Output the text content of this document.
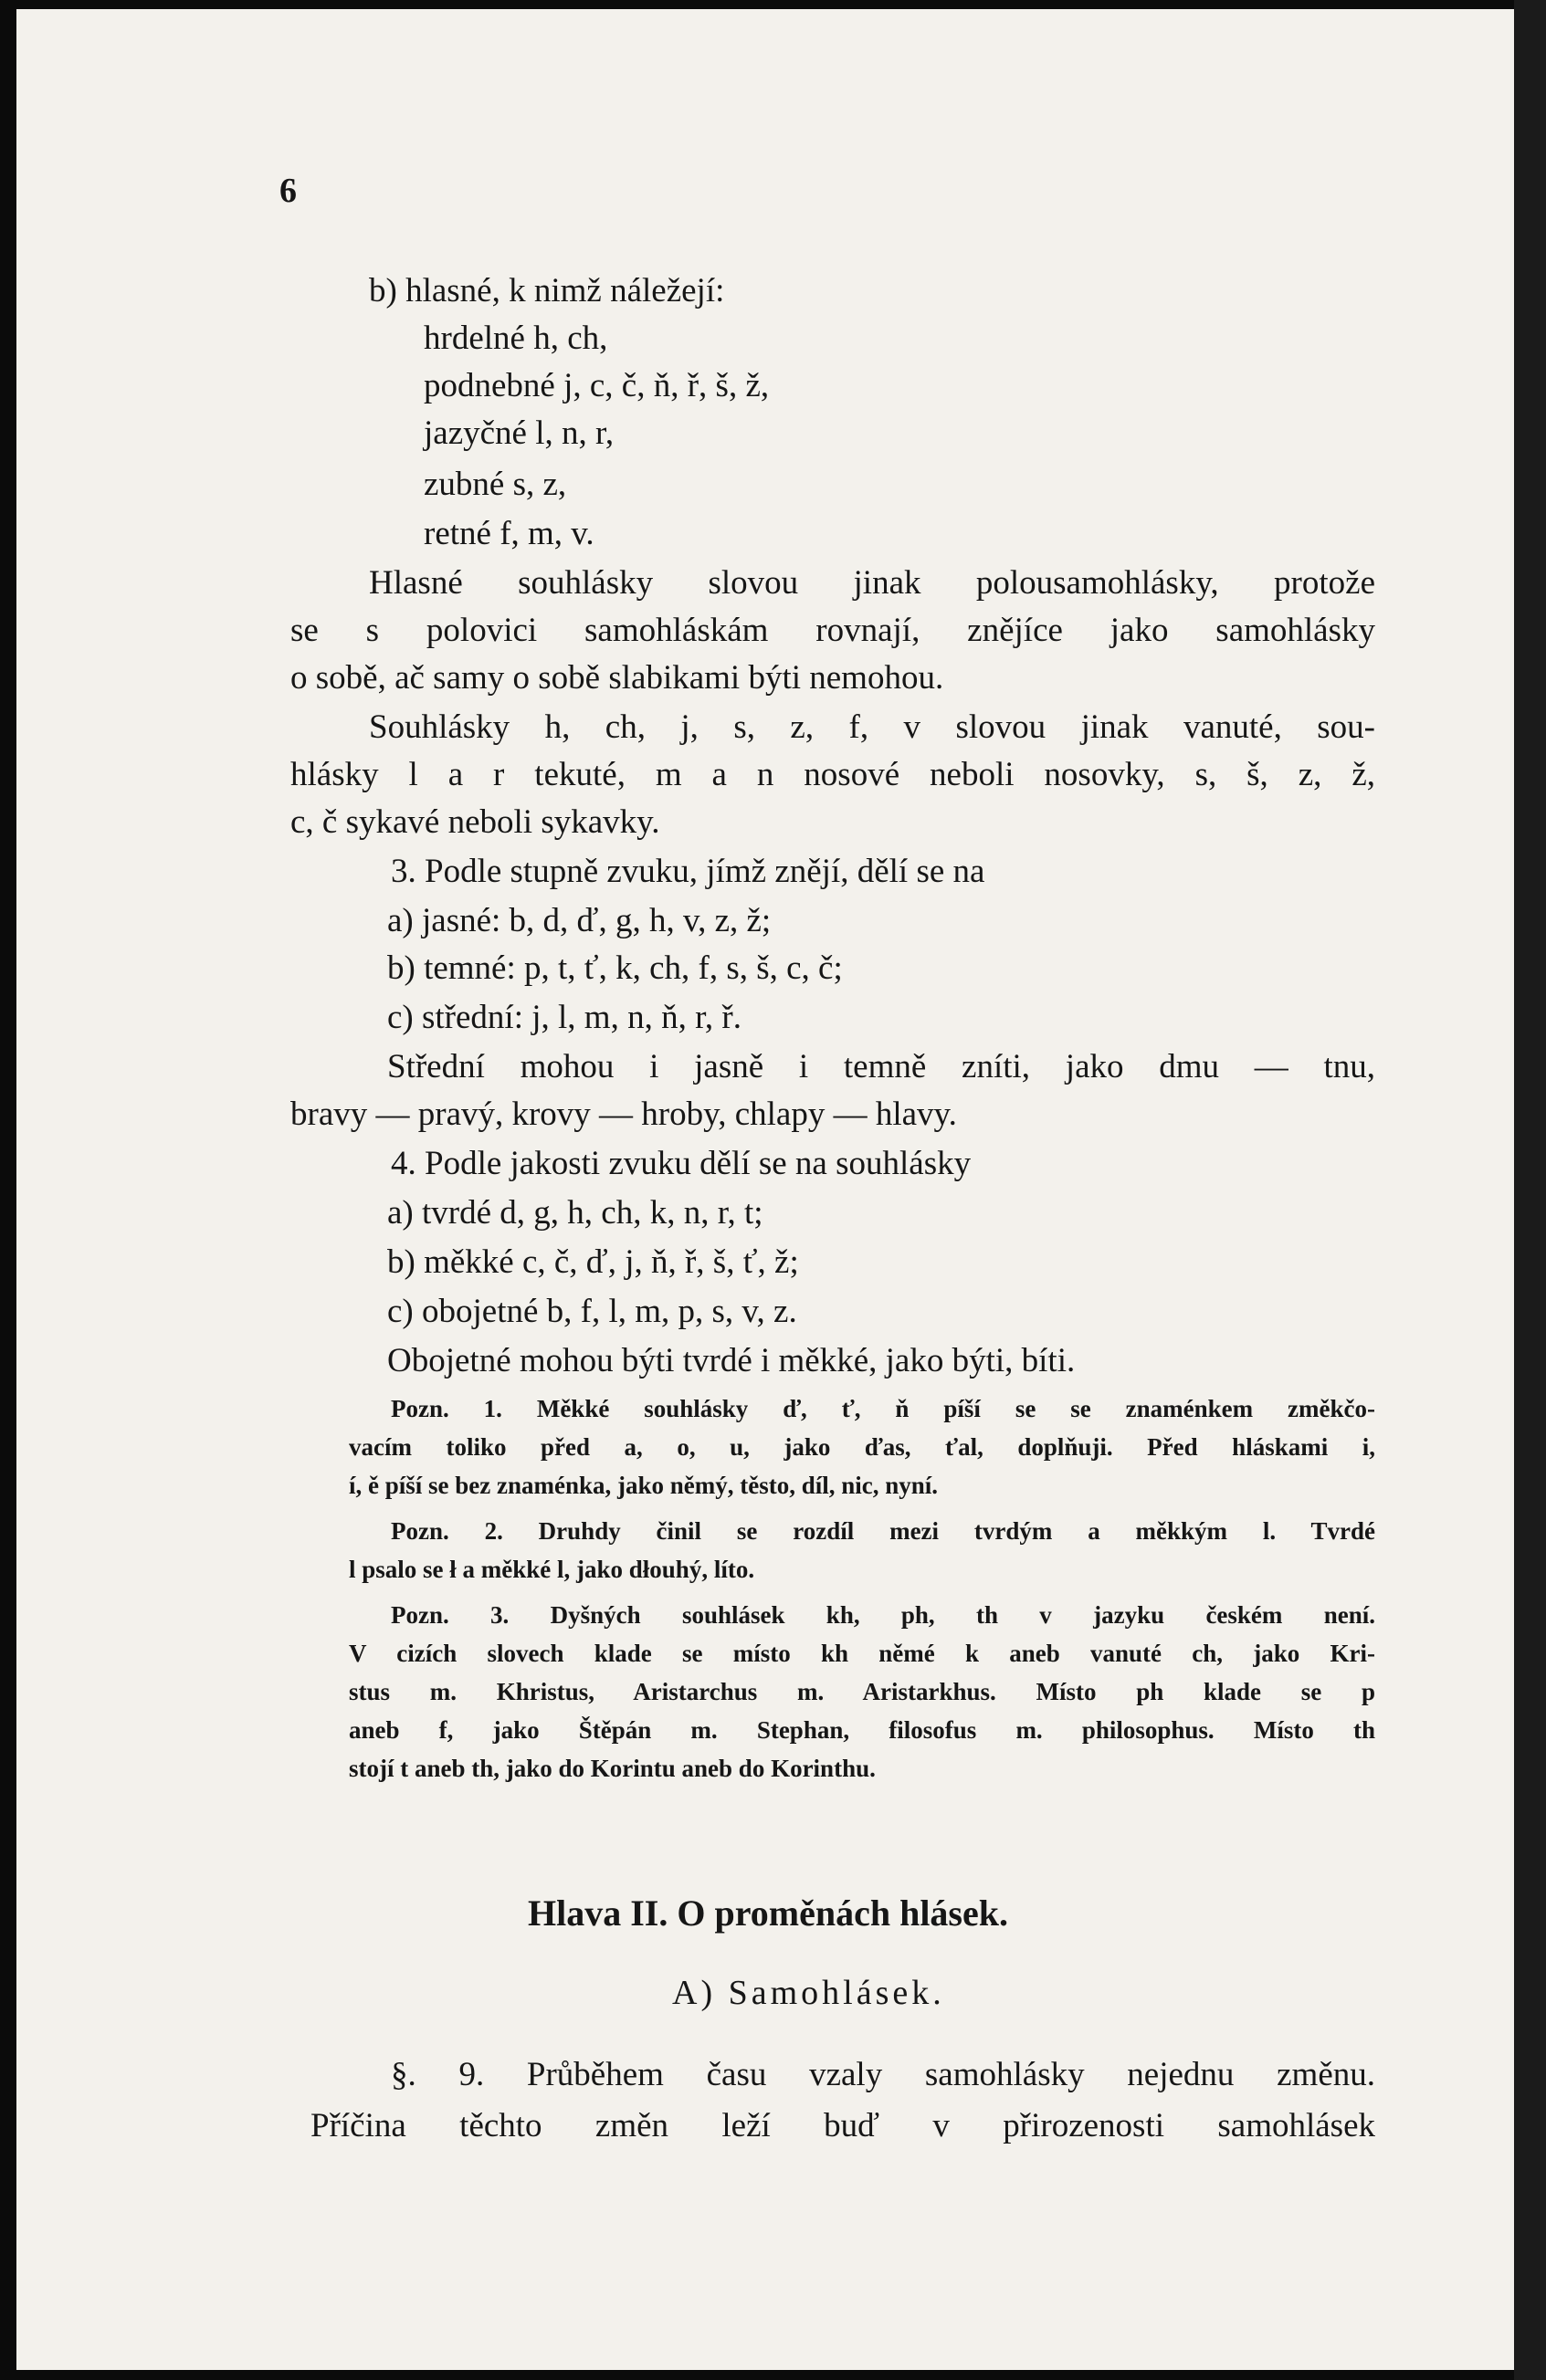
6
b) hlasné, k nimž náležejí:
hrdelné h, ch,
podnebné j, c, č, ň, ř, š, ž,
jazyčné l, n, r,
zubné s, z,
retné f, m, v.
Hlasné souhlásky slovou jinak polousamohlásky, protože
se s polovici samohláskám rovnají, znějíce jako samohlásky
o sobě, ač samy o sobě slabikami býti nemohou.
Souhlásky h, ch, j, s, z, f, v slovou jinak vanuté, sou-
hlásky l a r tekuté, m a n nosové neboli nosovky, s, š, z, ž,
c, č sykavé neboli sykavky.
3. Podle stupně zvuku, jímž znějí, dělí se na
a) jasné: b, d, ď, g, h, v, z, ž;
b) temné: p, t, ť, k, ch, f, s, š, c, č;
c) střední: j, l, m, n, ň, r, ř.
Střední mohou i jasně i temně zníti, jako dmu — tnu,
bravy — pravý, krovy — hroby, chlapy — hlavy.
4. Podle jakosti zvuku dělí se na souhlásky
a) tvrdé d, g, h, ch, k, n, r, t;
b) měkké c, č, ď, j, ň, ř, š, ť, ž;
c) obojetné b, f, l, m, p, s, v, z.
Obojetné mohou býti tvrdé i měkké, jako býti, bíti.
Pozn. 1. Měkké souhlásky ď, ť, ň píší se se znaménkem změkčo-
vacím toliko před a, o, u, jako ďas, ťal, doplňuji. Před hláskami i,
í, ě píší se bez znaménka, jako němý, těsto, díl, nic, nyní.
Pozn. 2. Druhdy činil se rozdíl mezi tvrdým a měkkým l. Tvrdé
l psalo se ł a měkké l, jako dłouhý, líto.
Pozn. 3. Dyšných souhlásek kh, ph, th v jazyku českém není.
V cizích slovech klade se místo kh němé k aneb vanuté ch, jako Kri-
stus m. Khristus, Aristarchus m. Aristarkhus. Místo ph klade se p
aneb f, jako Štěpán m. Stephan, filosofus m. philosophus. Místo th
stojí t aneb th, jako do Korintu aneb do Korinthu.
Hlava II. O proměnách hlásek.
A) Samohlásek.
§. 9. Průběhem času vzaly samohlásky nejednu změnu.
Příčina těchto změn leží buď v přirozenosti samohlásek
